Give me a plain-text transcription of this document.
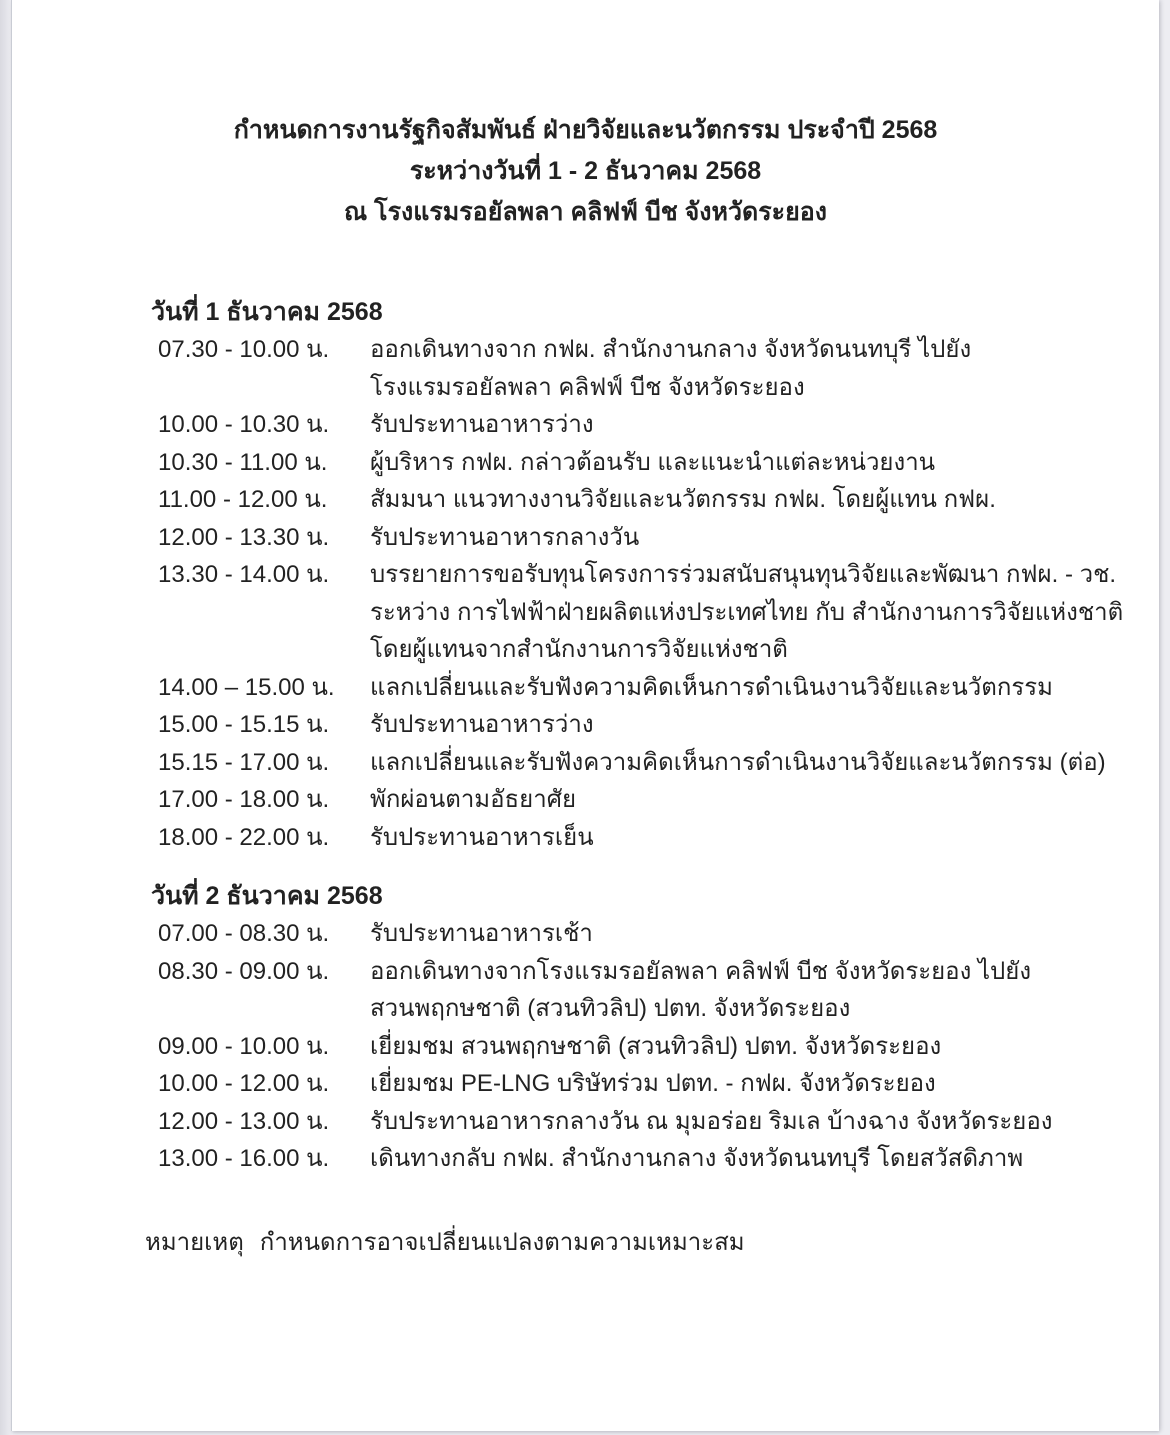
กำหนดการงานรัฐกิจสัมพันธ์ ฝ่ายวิจัยและนวัตกรรม ประจำปี 2568
ระหว่างวันที่ 1 - 2 ธันวาคม 2568
ณ โรงแรมรอยัลพลา คลิฟฟ์ บีช จังหวัดระยอง
วันที่ 1 ธันวาคม 2568
07.30 - 10.00 น.	ออกเดินทางจาก กฟผ. สำนักงานกลาง จังหวัดนนทบุรี ไปยัง
โรงแรมรอยัลพลา คลิฟฟ์ บีช จังหวัดระยอง
10.00 - 10.30 น.	รับประทานอาหารว่าง
10.30 - 11.00 น.	ผู้บริหาร กฟผ. กล่าวต้อนรับ และแนะนำแต่ละหน่วยงาน
11.00 - 12.00 น.	สัมมนา แนวทางงานวิจัยและนวัตกรรม กฟผ. โดยผู้แทน กฟผ.
12.00 - 13.30 น.	รับประทานอาหารกลางวัน
13.30 - 14.00 น.	บรรยายการขอรับทุนโครงการร่วมสนับสนุนทุนวิจัยและพัฒนา กฟผ. - วช.
ระหว่าง การไฟฟ้าฝ่ายผลิตแห่งประเทศไทย กับ สำนักงานการวิจัยแห่งชาติ
โดยผู้แทนจากสำนักงานการวิจัยแห่งชาติ
14.00 – 15.00 น.	แลกเปลี่ยนและรับฟังความคิดเห็นการดำเนินงานวิจัยและนวัตกรรม
15.00 - 15.15 น.	รับประทานอาหารว่าง
15.15 - 17.00 น.	แลกเปลี่ยนและรับฟังความคิดเห็นการดำเนินงานวิจัยและนวัตกรรม (ต่อ)
17.00 - 18.00 น.	พักผ่อนตามอัธยาศัย
18.00 - 22.00 น.	รับประทานอาหารเย็น
วันที่ 2 ธันวาคม 2568
07.00 - 08.30 น.	รับประทานอาหารเช้า
08.30 - 09.00 น.	ออกเดินทางจากโรงแรมรอยัลพลา คลิฟฟ์ บีช จังหวัดระยอง ไปยัง
สวนพฤกษชาติ (สวนทิวลิป) ปตท. จังหวัดระยอง
09.00 - 10.00 น.	เยี่ยมชม สวนพฤกษชาติ (สวนทิวลิป) ปตท. จังหวัดระยอง
10.00 - 12.00 น.	เยี่ยมชม PE-LNG บริษัทร่วม ปตท. - กฟผ. จังหวัดระยอง
12.00 - 13.00 น.	รับประทานอาหารกลางวัน ณ มุมอร่อย ริมเล บ้างฉาง จังหวัดระยอง
13.00 - 16.00 น.	เดินทางกลับ กฟผ. สำนักงานกลาง จังหวัดนนทบุรี โดยสวัสดิภาพ
หมายเหตุ กำหนดการอาจเปลี่ยนแปลงตามความเหมาะสม
